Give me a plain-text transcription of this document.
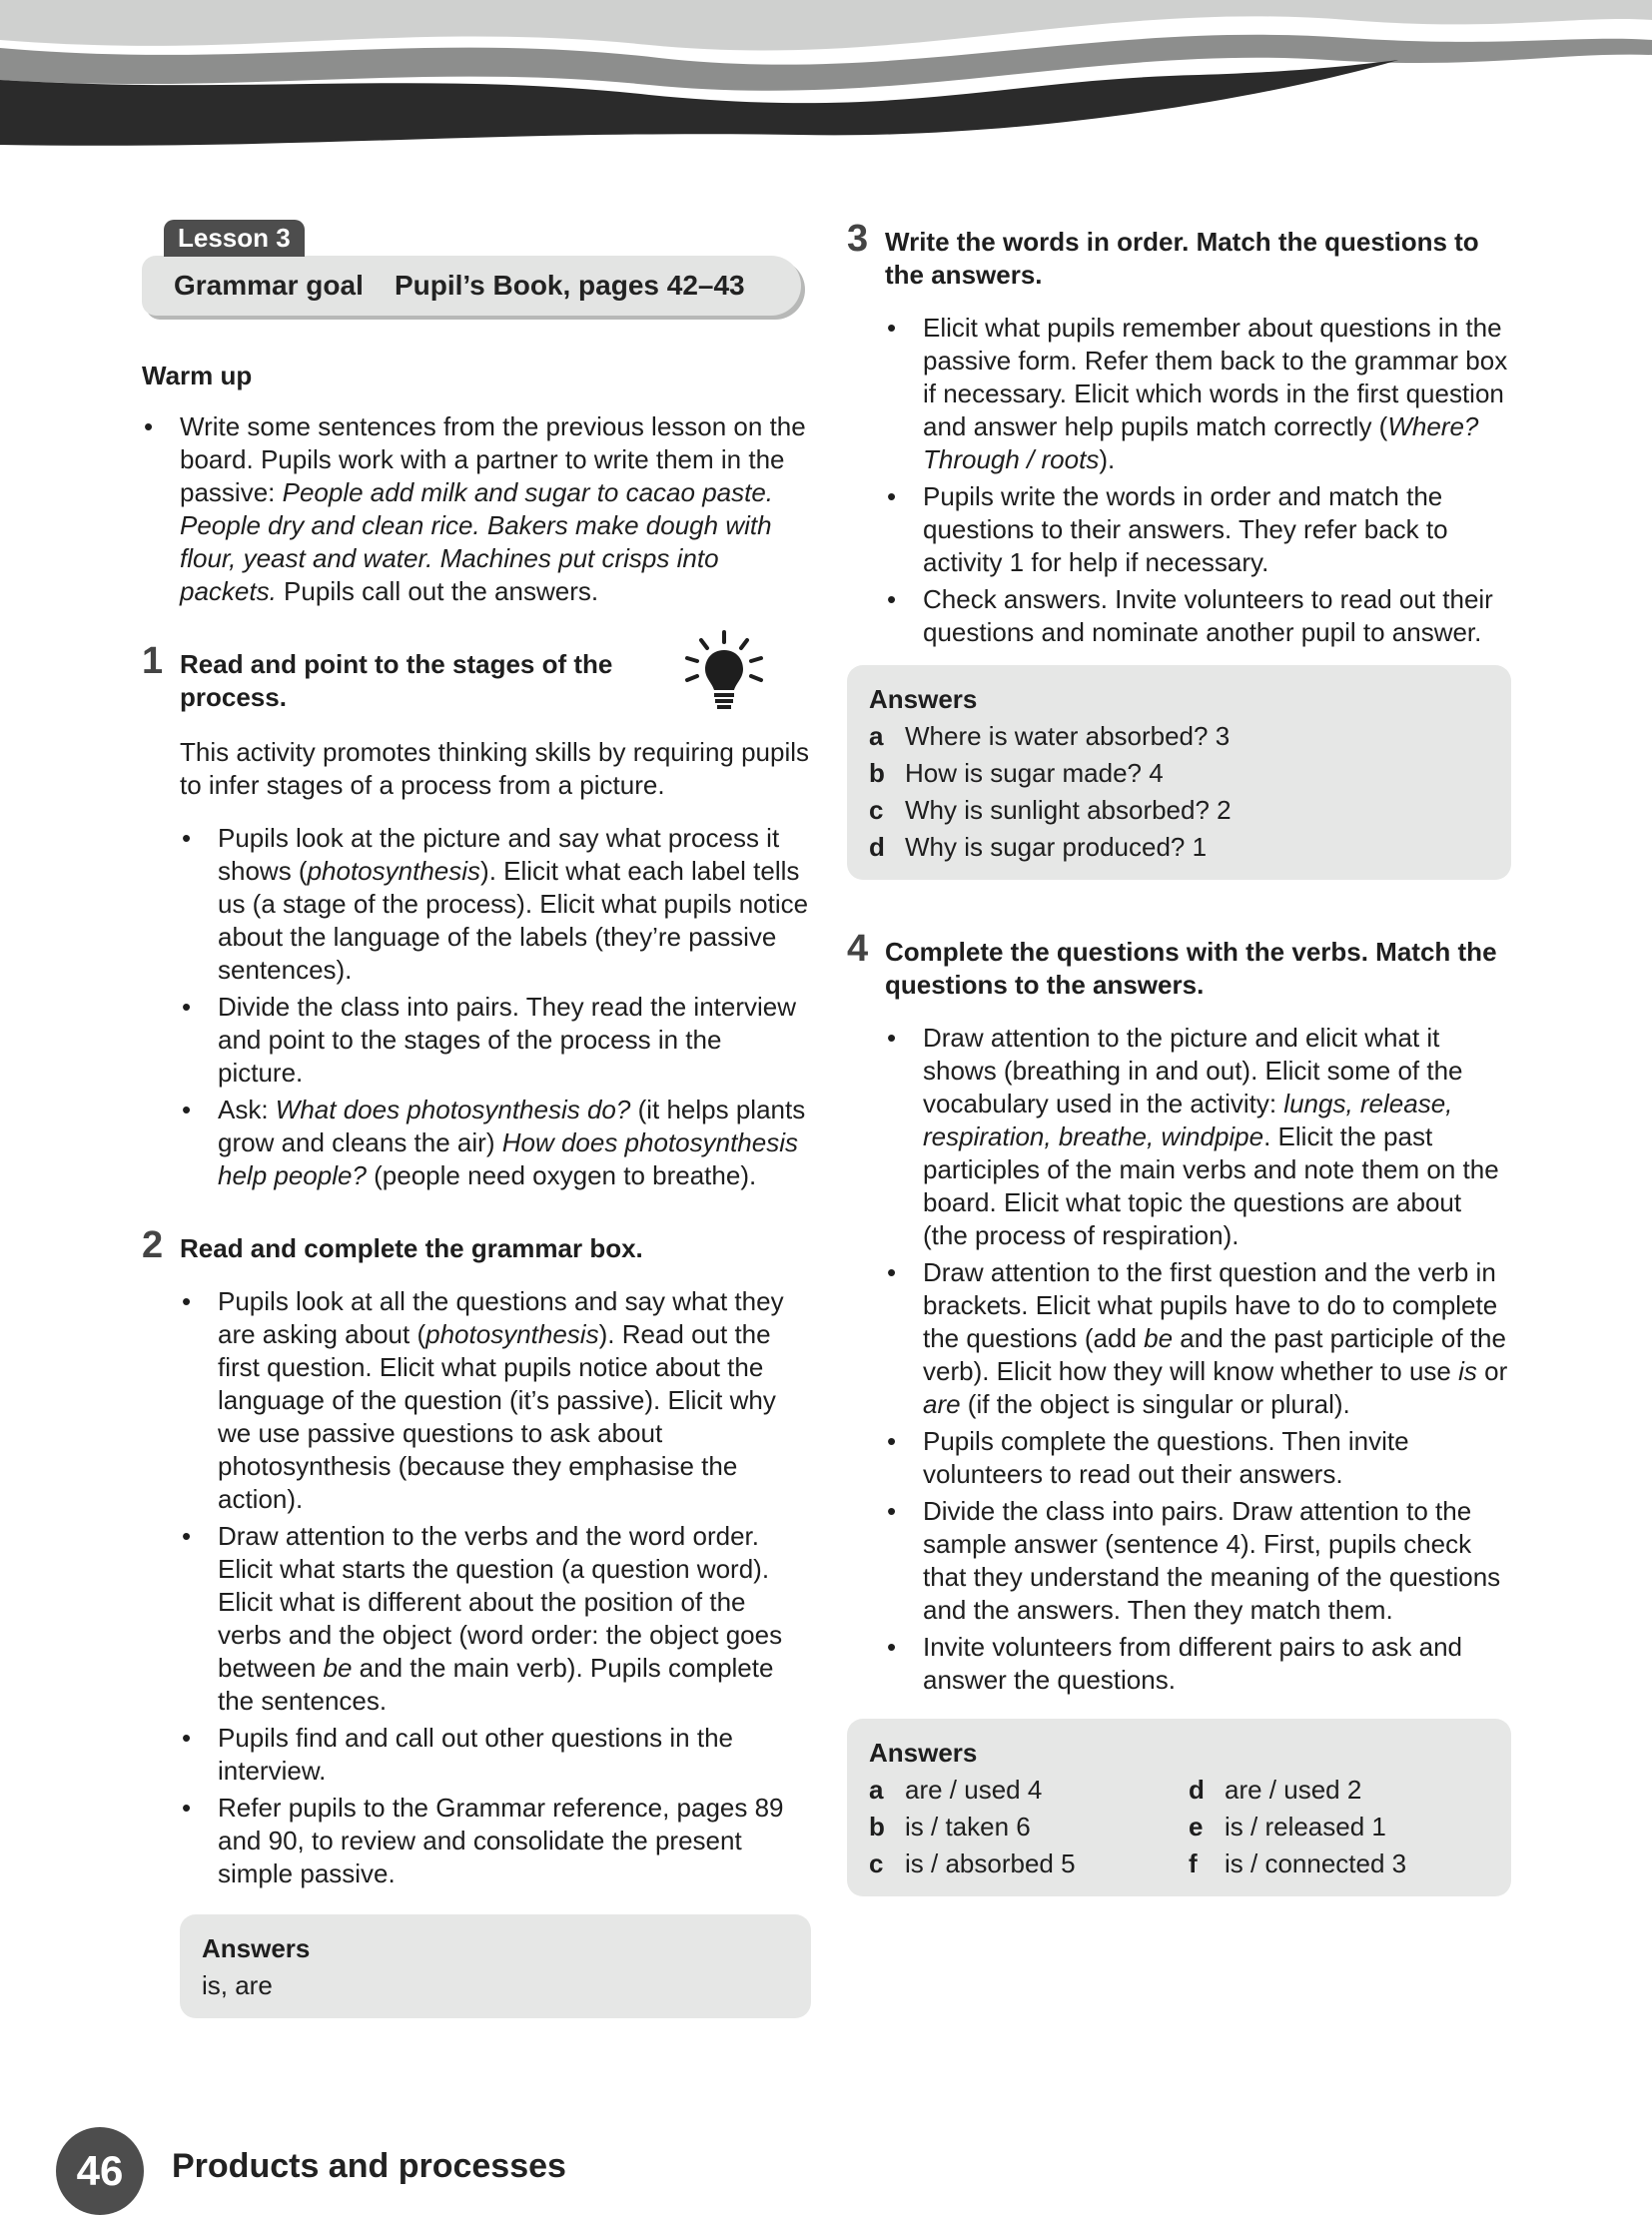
Lesson 3
Grammar goal    Pupil’s Book, pages 42–43

Warm up

• Write some sentences from the previous lesson on the board. Pupils work with a partner to write them in the passive: People add milk and sugar to cacao paste. People dry and clean rice. Bakers make dough with flour, yeast and water. Machines put crisps into packets. Pupils call out the answers.
1 Read and point to the stages of the process.

This activity promotes thinking skills by requiring pupils to infer stages of a process from a picture.

• Pupils look at the picture and say what process it shows (photosynthesis). Elicit what each label tells us (a stage of the process). Elicit what pupils notice about the language of the labels (they’re passive sentences).
• Divide the class into pairs. They read the interview and point to the stages of the process in the picture.
• Ask: What does photosynthesis do? (it helps plants grow and cleans the air) How does photosynthesis help people? (people need oxygen to breathe).
2 Read and complete the grammar box.
• Pupils look at all the questions and say what they are asking about (photosynthesis). Read out the first question. Elicit what pupils notice about the language of the question (it’s passive). Elicit why we use passive questions to ask about photosynthesis (because they emphasise the action).
• Draw attention to the verbs and the word order. Elicit what starts the question (a question word). Elicit what is different about the position of the verbs and the object (word order: the object goes between be and the main verb). Pupils complete the sentences.
• Pupils find and call out other questions in the interview.
• Refer pupils to the Grammar reference, pages 89 and 90, to review and consolidate the present simple passive.
Answers
is, are
3 Write the words in order. Match the questions to the answers.
• Elicit what pupils remember about questions in the passive form. Refer them back to the grammar box if necessary. Elicit which words in the first question and answer help pupils match correctly (Where? Through / roots).
• Pupils write the words in order and match the questions to their answers. They refer back to activity 1 for help if necessary.
• Check answers. Invite volunteers to read out their questions and nominate another pupil to answer.
Answers
a Where is water absorbed? 3
b How is sugar made? 4
c Why is sunlight absorbed? 2
d Why is sugar produced? 1
4 Complete the questions with the verbs. Match the questions to the answers.
• Draw attention to the picture and elicit what it shows (breathing in and out). Elicit some of the vocabulary used in the activity: lungs, release, respiration, breathe, windpipe. Elicit the past participles of the main verbs and note them on the board. Elicit what topic the questions are about (the process of respiration).
• Draw attention to the first question and the verb in brackets. Elicit what pupils have to do to complete the questions (add be and the past participle of the verb). Elicit how they will know whether to use is or are (if the object is singular or plural).
• Pupils complete the questions. Then invite volunteers to read out their answers.
• Divide the class into pairs. Draw attention to the sample answer (sentence 4). First, pupils check that they understand the meaning of the questions and the answers. Then they match them.
• Invite volunteers from different pairs to ask and answer the questions.
Answers
a are / used 4	d are / used 2
b is / taken 6	e is / released 1
c is / absorbed 5	f	is / connected 3
46	Products and processes
